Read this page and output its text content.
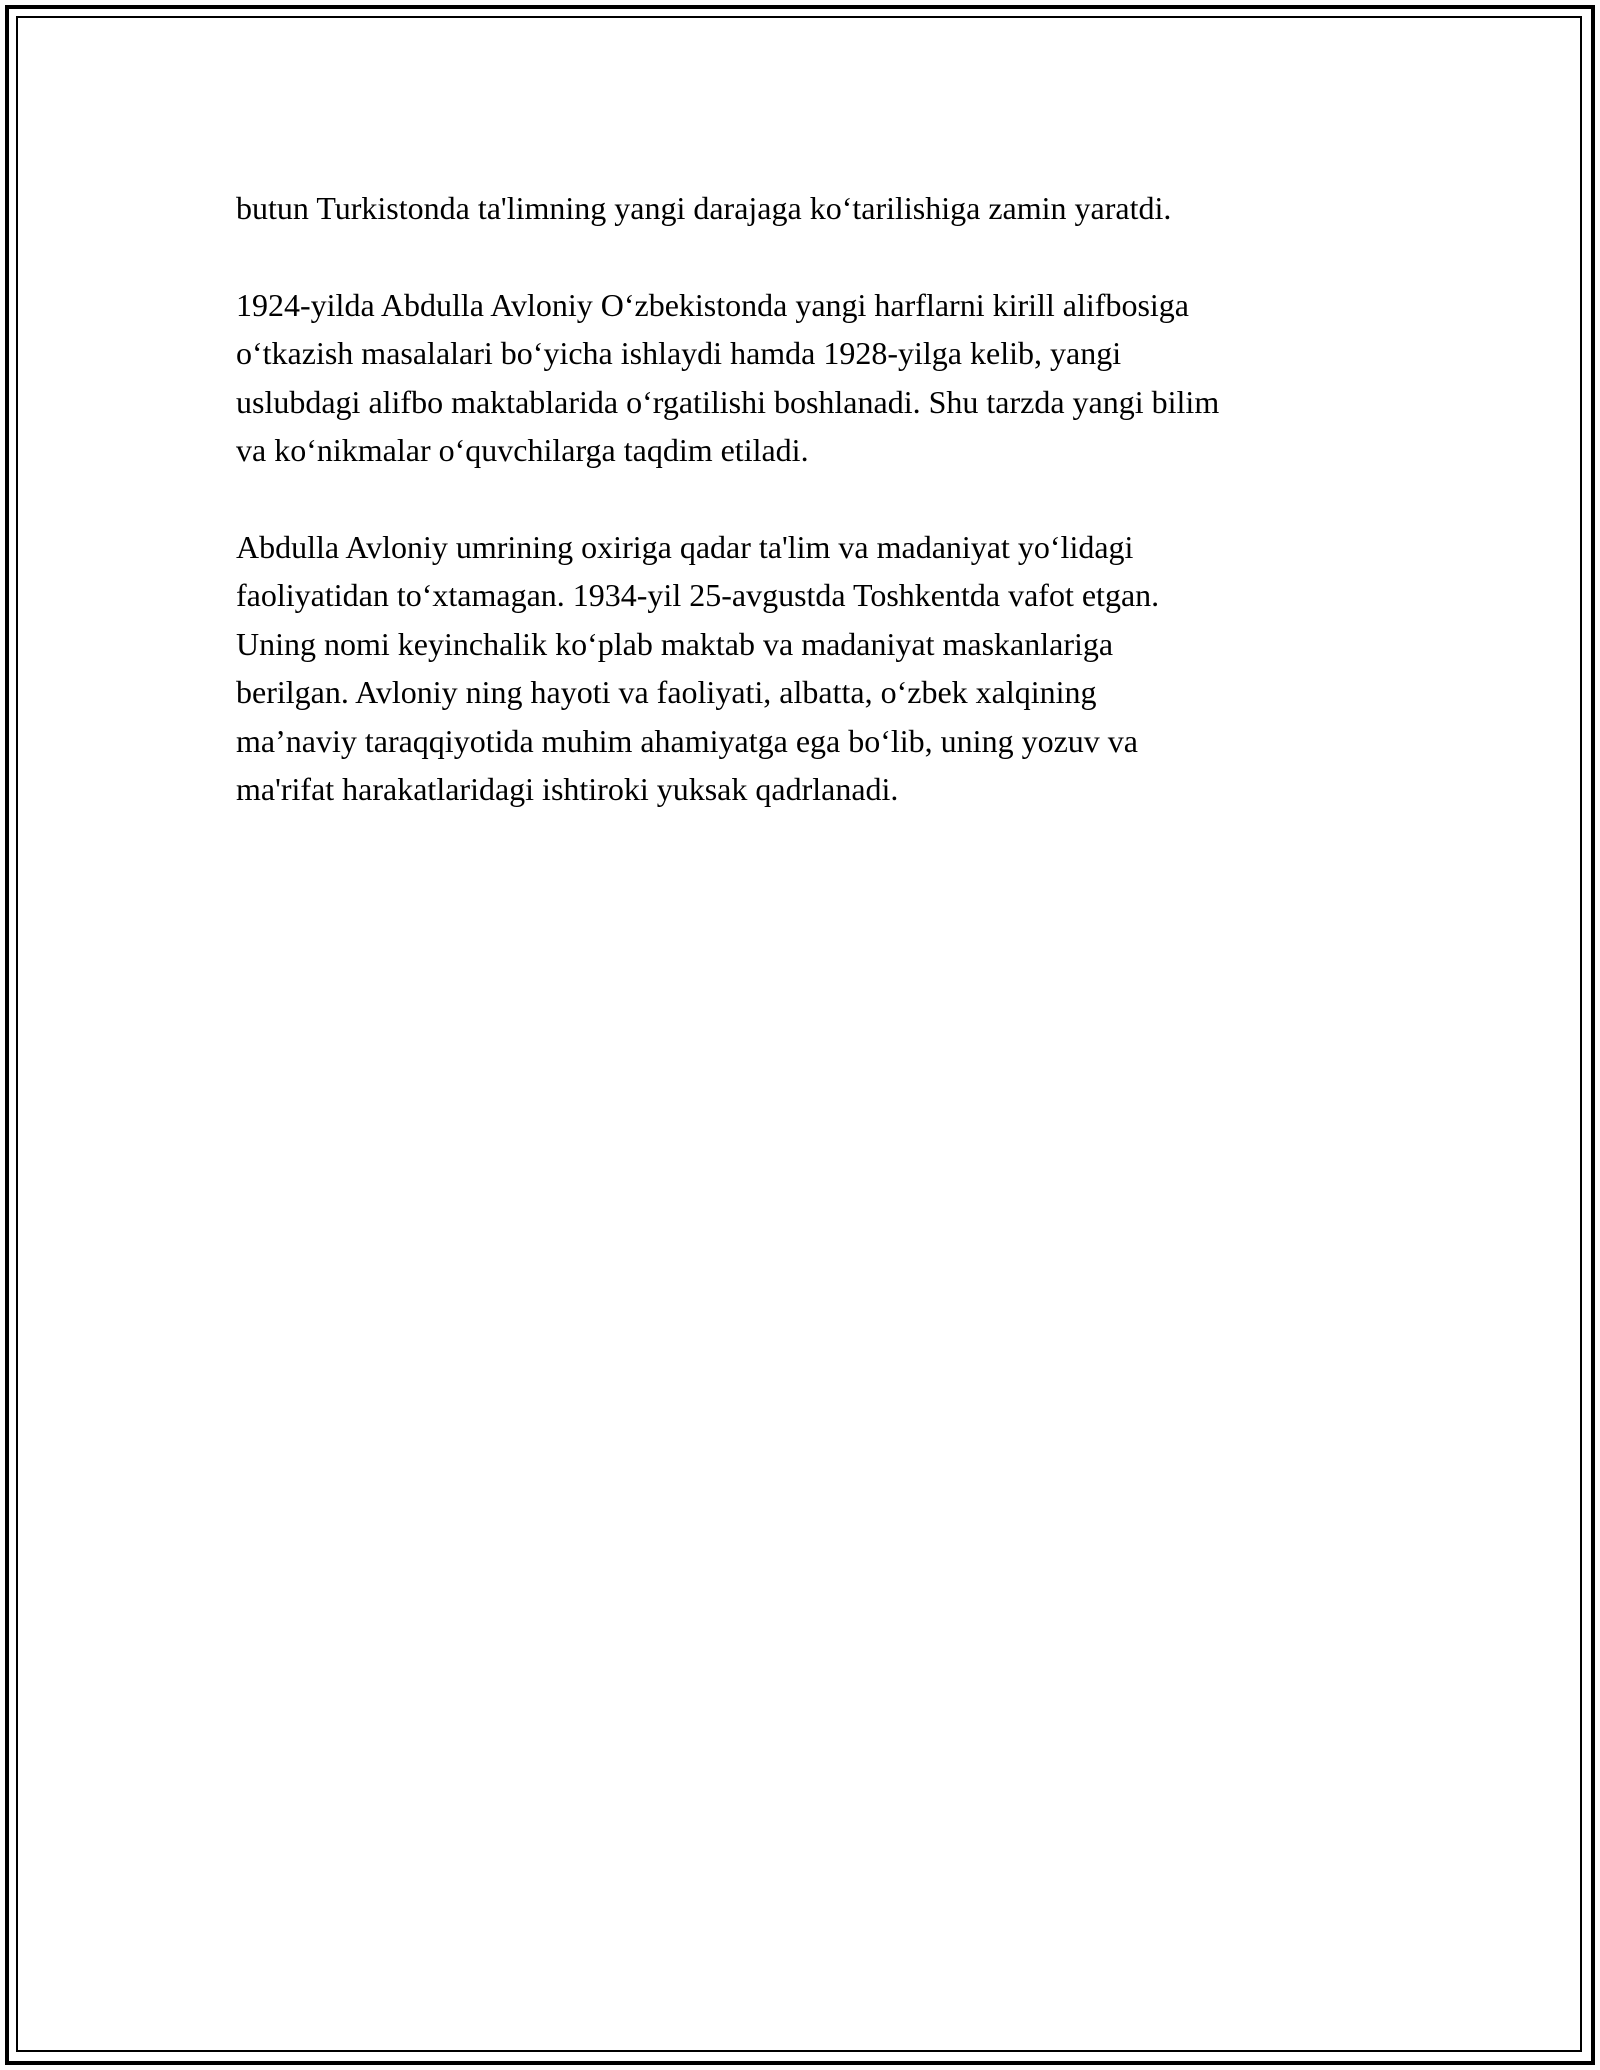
butun Turkistonda ta'limning yangi darajaga koʻtarilishiga zamin yaratdi.

1924-yilda Abdulla Avloniy Oʻzbekistonda yangi harflarni kirill alifbosiga
oʻtkazish masalalari boʻyicha ishlaydi hamda 1928-yilga kelib, yangi
uslubdagi alifbo maktablarida oʻrgatilishi boshlanadi. Shu tarzda yangi bilim
va koʻnikmalar oʻquvchilarga taqdim etiladi.

Abdulla Avloniy umrining oxiriga qadar ta'lim va madaniyat yoʻlidagi
faoliyatidan toʻxtamagan. 1934-yil 25-avgustda Toshkentda vafot etgan.
Uning nomi keyinchalik koʻplab maktab va madaniyat maskanlariga
berilgan. Avloniy ning hayoti va faoliyati, albatta, oʻzbek xalqining
ma’naviy taraqqiyotida muhim ahamiyatga ega boʻlib, uning yozuv va
ma'rifat harakatlaridagi ishtiroki yuksak qadrlanadi.
